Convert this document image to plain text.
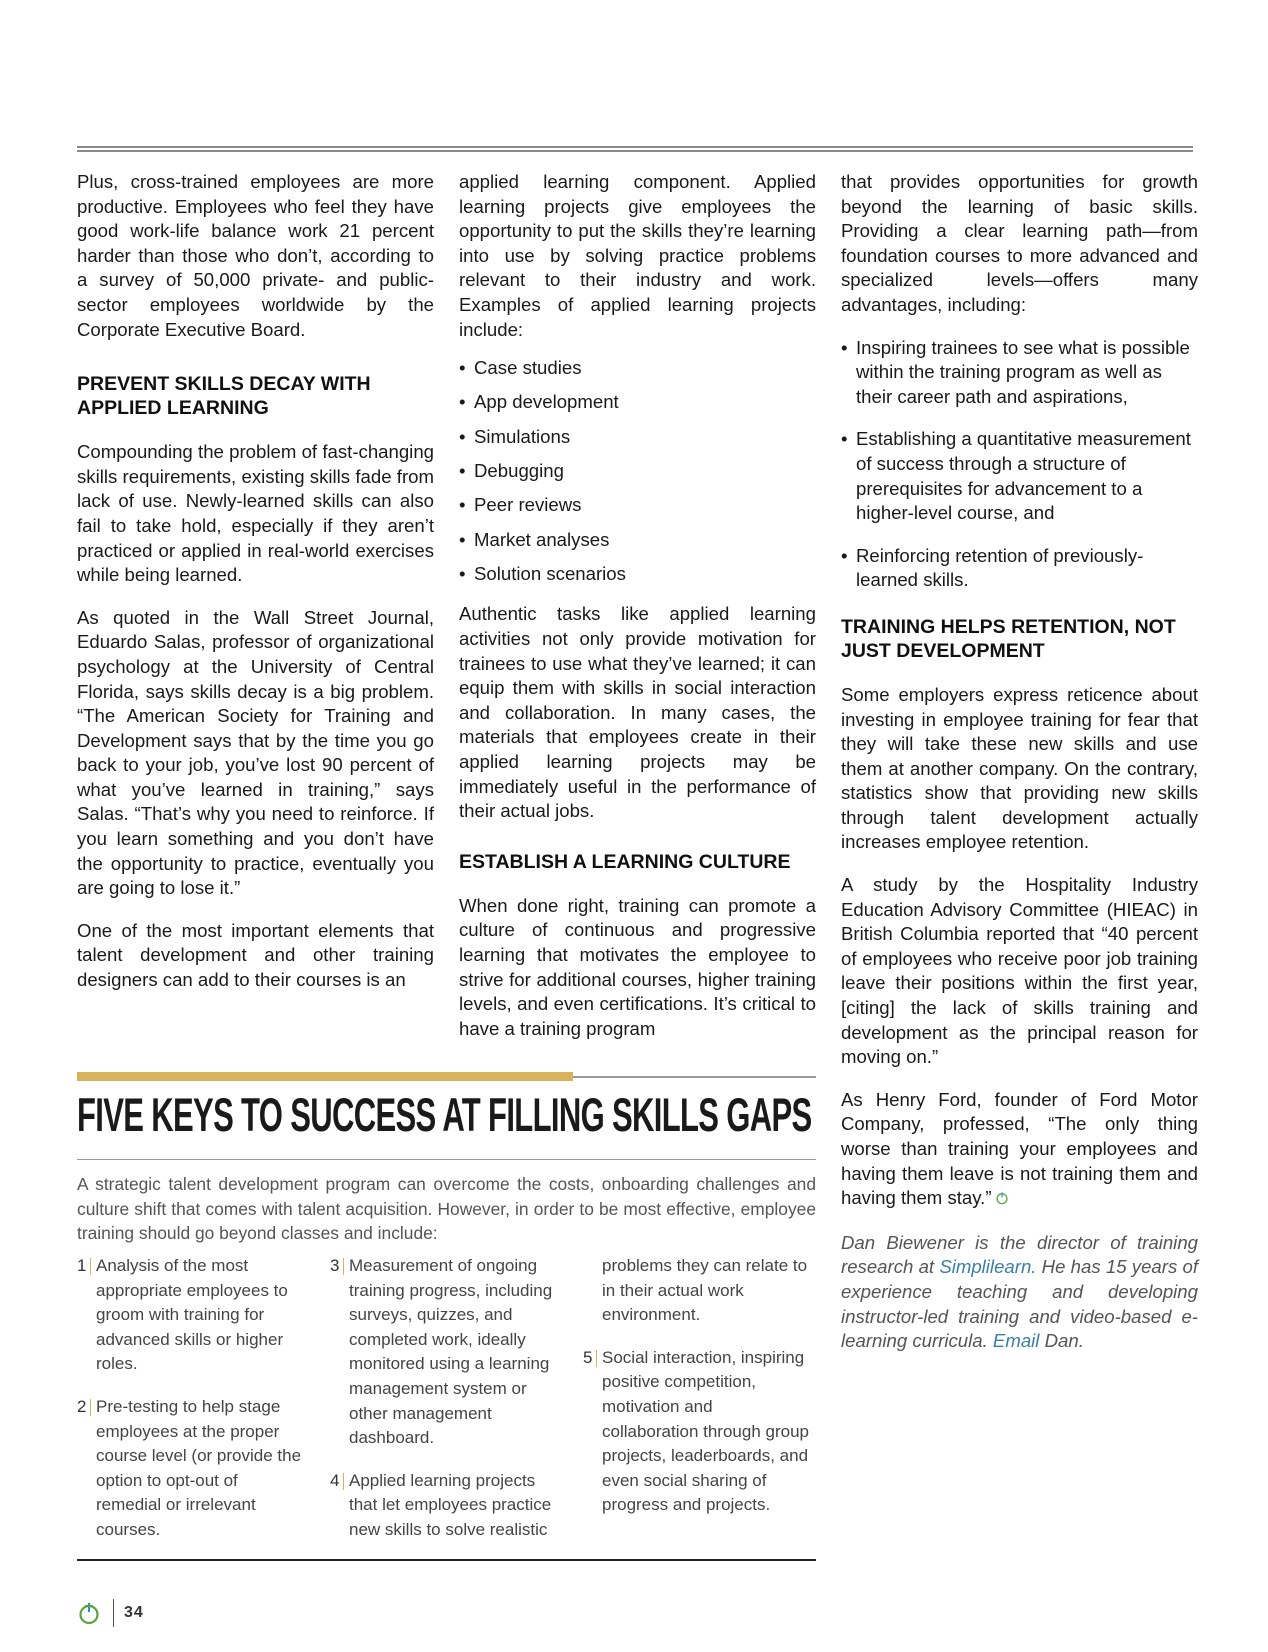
Plus, cross-trained employees are more productive. Employees who feel they have good work-life balance work 21 percent harder than those who don’t, according to a survey of 50,000 private- and public-sector employees worldwide by the Corporate Executive Board.

PREVENT SKILLS DECAY WITH APPLIED LEARNING

Compounding the problem of fast-changing skills requirements, existing skills fade from lack of use. Newly-learned skills can also fail to take hold, especially if they aren’t practiced or applied in real-world exercises while being learned.

As quoted in the Wall Street Journal, Eduardo Salas, professor of organizational psychology at the University of Central Florida, says skills decay is a big problem. “The American Society for Training and Development says that by the time you go back to your job, you’ve lost 90 percent of what you’ve learned in training,” says Salas. “That’s why you need to reinforce. If you learn something and you don’t have the opportunity to practice, eventually you are going to lose it.”

One of the most important elements that talent development and other training designers can add to their courses is an

applied learning component. Applied learning projects give employees the opportunity to put the skills they’re learning into use by solving practice problems relevant to their industry and work. Examples of applied learning projects include:

• Case studies
• App development
• Simulations
• Debugging
• Peer reviews
• Market analyses
• Solution scenarios

Authentic tasks like applied learning activities not only provide motivation for trainees to use what they’ve learned; it can equip them with skills in social interaction and collaboration. In many cases, the materials that employees create in their applied learning projects may be immediately useful in the performance of their actual jobs.

ESTABLISH A LEARNING CULTURE

When done right, training can promote a culture of continuous and progressive learning that motivates the employee to strive for additional courses, higher training levels, and even certifications. It’s critical to have a training program

that provides opportunities for growth beyond the learning of basic skills. Providing a clear learning path—from foundation courses to more advanced and specialized levels—offers many advantages, including:

• Inspiring trainees to see what is possible within the training program as well as their career path and aspirations,
• Establishing a quantitative measurement of success through a structure of prerequisites for advancement to a higher-level course, and
• Reinforcing retention of previously-learned skills.
TRAINING HELPS RETENTION, NOT JUST DEVELOPMENT

Some employers express reticence about investing in employee training for fear that they will take these new skills and use them at another company. On the contrary, statistics show that providing new skills through talent development actually increases employee retention.

A study by the Hospitality Industry Education Advisory Committee (HIEAC) in British Columbia reported that “40 percent of employees who receive poor job training leave their positions within the first year, [citing] the lack of skills training and development as the principal reason for moving on.”

As Henry Ford, founder of Ford Motor Company, professed, “The only thing worse than training your employees and having them leave is not training them and having them stay.”

Dan Biewener is the director of training research at Simplilearn. He has 15 years of experience teaching and developing instructor-led training and video-based e-learning curricula. Email Dan.

FIVE KEYS TO SUCCESS AT FILLING SKILLS GAPS
A strategic talent development program can overcome the costs, onboarding challenges and culture shift that comes with talent acquisition. However, in order to be most effective, employee training should go beyond classes and include:
1 Analysis of the most appropriate employees to groom with training for advanced skills or higher roles.
2 Pre-testing to help stage employees at the proper course level (or provide the option to opt-out of remedial or irrelevant courses.
3 Measurement of ongoing training progress, including surveys, quizzes, and completed work, ideally monitored using a learning management system or other management dashboard.
4 Applied learning projects that let employees practice new skills to solve realistic
problems they can relate to in their actual work environment.
5 Social interaction, inspiring positive competition, motivation and collaboration through group projects, leaderboards, and even social sharing of progress and projects.
34
